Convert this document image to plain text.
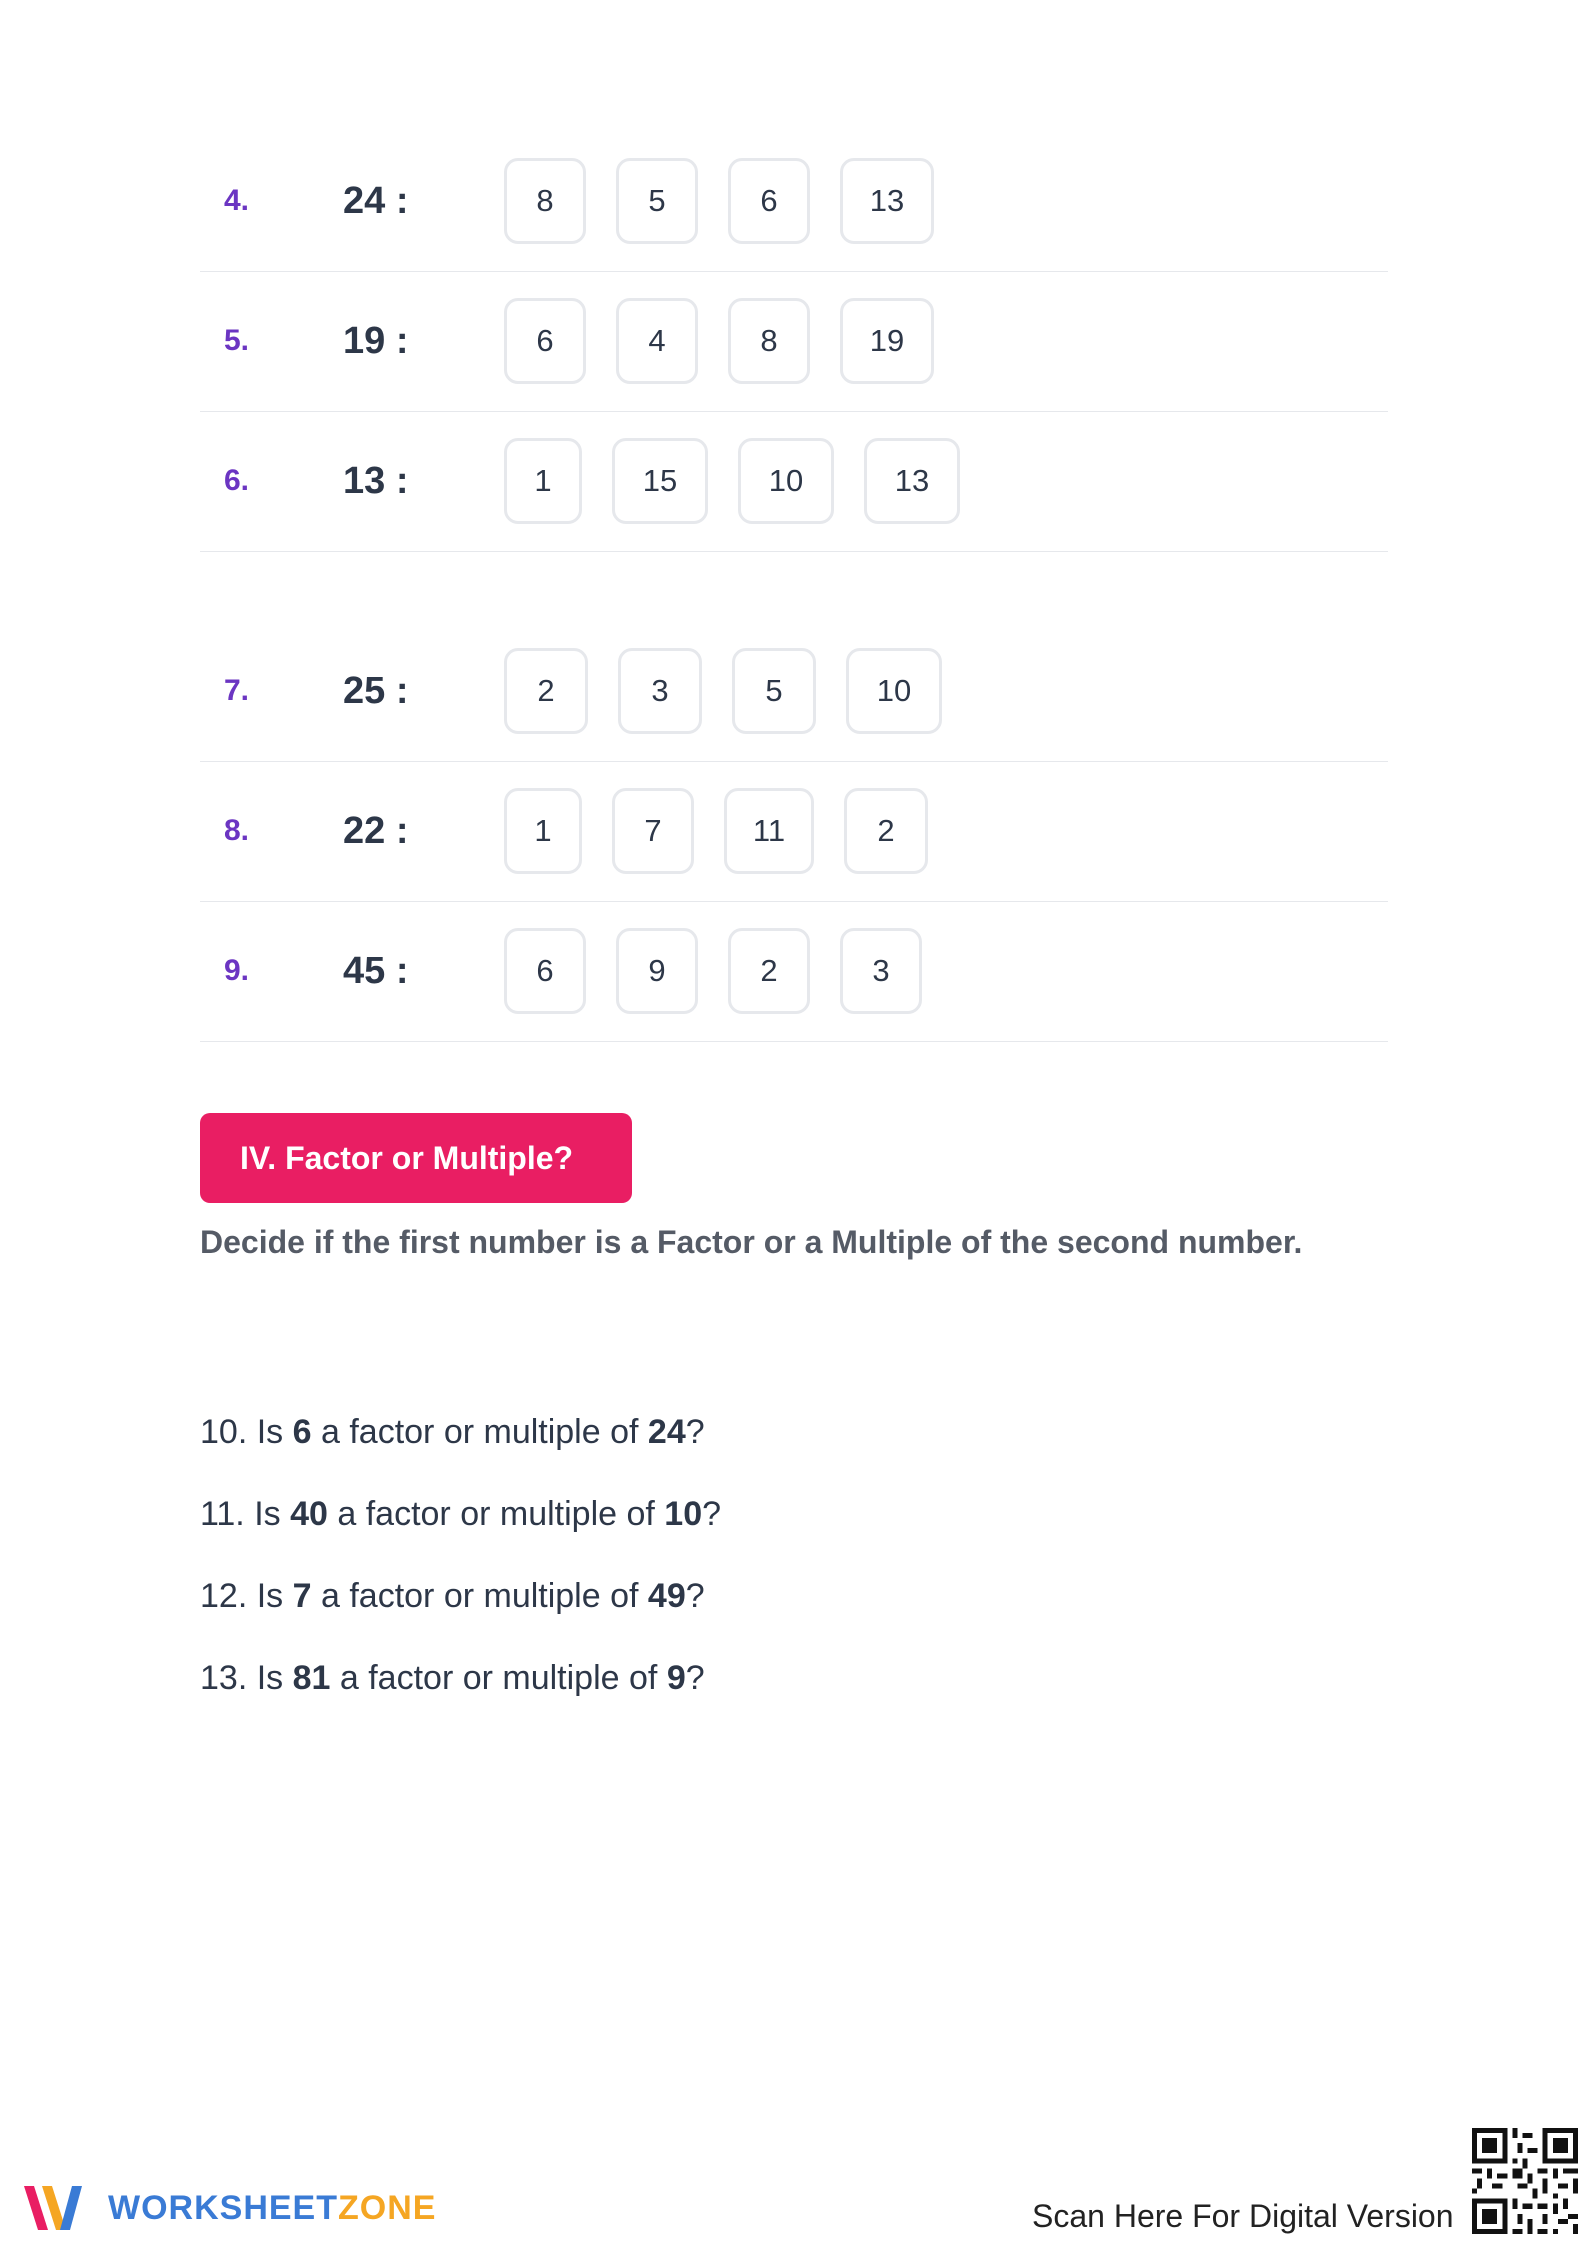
4. 24 :	8	5	6	13
5. 19 :	6	4	8	19
6. 13 :	1	15	10	13
7. 25 :	2	3	5	10
8. 22 :	1	7	11	2
9. 45 :	6	9	2	3
IV. Factor or Multiple?
Decide if the first number is a Factor or a Multiple of the second number.
10. Is 6 a factor or multiple of 24?
11. Is 40 a factor or multiple of 10?
12. Is 7 a factor or multiple of 49?
13. Is 81 a factor or multiple of 9?
WORKSHEETZONE	Scan Here For Digital Version
